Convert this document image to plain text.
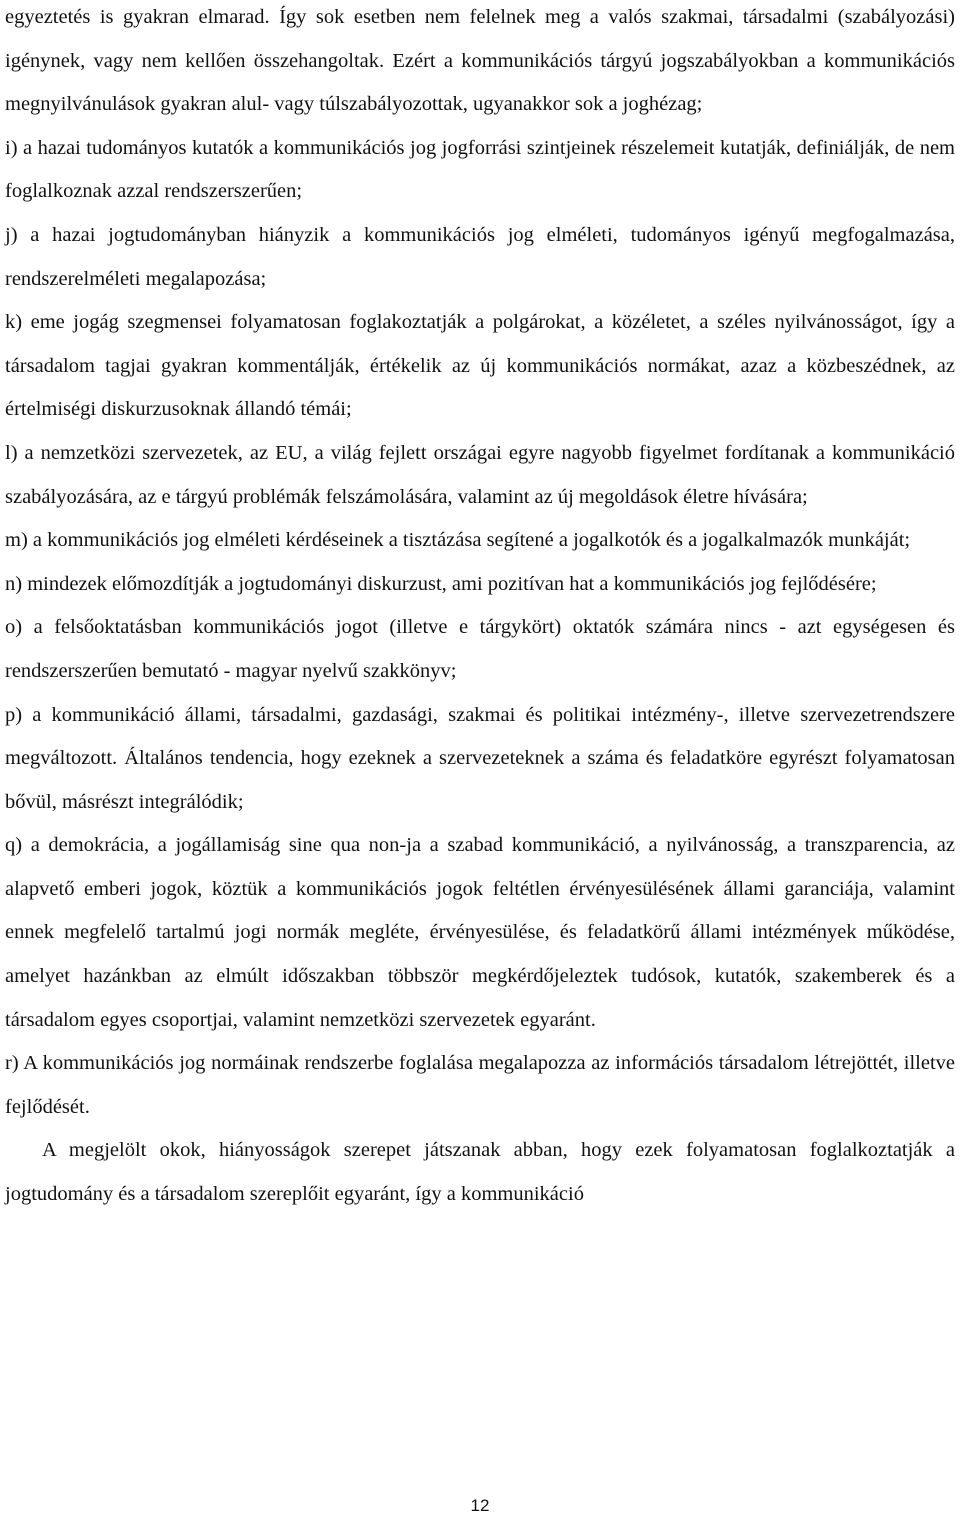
egyeztetés is gyakran elmarad. Így sok esetben nem felelnek meg a valós szakmai, társadalmi (szabályozási) igénynek, vagy nem kellően összehangoltak. Ezért a kommunikációs tárgyú jogszabályokban a kommunikációs megnyilvánulások gyakran alul- vagy túlszabályozottak, ugyanakkor sok a joghézag;

i) a hazai tudományos kutatók a kommunikációs jog jogforrási szintjeinek részelemeit kutatják, definiálják, de nem foglalkoznak azzal rendszerszerűen;

j) a hazai jogtudományban hiányzik a kommunikációs jog elméleti, tudományos igényű megfogalmazása, rendszerelméleti megalapozása;

k) eme jogág szegmensei folyamatosan foglakoztatják a polgárokat, a közéletet, a széles nyilvánosságot, így a társadalom tagjai gyakran kommentálják, értékelik az új kommunikációs normákat, azaz a közbeszédnek, az értelmiségi diskurzusoknak állandó témái;

l) a nemzetközi szervezetek, az EU, a világ fejlett országai egyre nagyobb figyelmet fordítanak a kommunikáció szabályozására, az e tárgyú problémák felszámolására, valamint az új megoldások életre hívására;

m) a kommunikációs jog elméleti kérdéseinek a tisztázása segítené a jogalkotók és a jogalkalmazók munkáját;

n) mindezek előmozdítják a jogtudományi diskurzust, ami pozitívan hat a kommunikációs jog fejlődésére;

o) a felsőoktatásban kommunikációs jogot (illetve e tárgykört) oktatók számára nincs - azt egységesen és rendszerszerűen bemutató - magyar nyelvű szakkönyv;

p) a kommunikáció állami, társadalmi, gazdasági, szakmai és politikai intézmény-, illetve szervezetrendszere megváltozott. Általános tendencia, hogy ezeknek a szervezeteknek a száma és feladatköre egyrészt folyamatosan bővül, másrészt integrálódik;

q) a demokrácia, a jogállamiság sine qua non-ja a szabad kommunikáció, a nyilvánosság, a transzparencia, az alapvető emberi jogok, köztük a kommunikációs jogok feltétlen érvényesülésének állami garanciája, valamint ennek megfelelő tartalmú jogi normák megléte, érvényesülése, és feladatkörű állami intézmények működése, amelyet hazánkban az elmúlt időszakban többször megkérdőjeleztek tudósok, kutatók, szakemberek és a társadalom egyes csoportjai, valamint nemzetközi szervezetek egyaránt.

r) A kommunikációs jog normáinak rendszerbe foglalása megalapozza az információs társadalom létrejöttét, illetve fejlődését.

A megjelölt okok, hiányosságok szerepet játszanak abban, hogy ezek folyamatosan foglalkoztatják a jogtudomány és a társadalom szereplőit egyaránt, így a kommunikáció

12
